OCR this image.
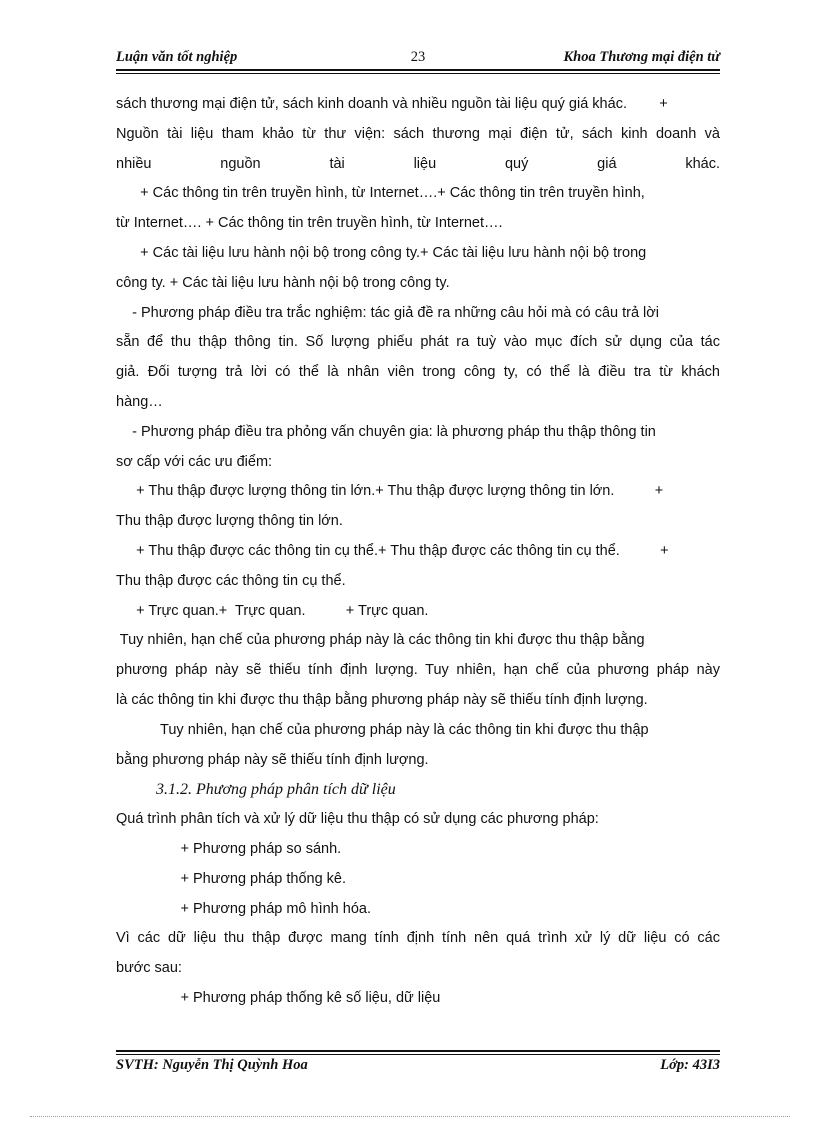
Luận văn tốt nghiệp	23	Khoa Thương mại điện tử
sách thương mại điện tử, sách kinh doanh và nhiều nguồn tài liệu quý giá khác.        +
Nguồn tài liệu tham khảo từ thư viện: sách thương mại điện tử, sách kinh doanh và
nhiều nguồn tài liệu quý giá khác.
+ Các thông tin trên truyền hình, từ Internet….+ Các thông tin trên truyền hình,
từ Internet…. + Các thông tin trên truyền hình, từ Internet….
+ Các tài liệu lưu hành nội bộ trong công ty.+ Các tài liệu lưu hành nội bộ trong
công ty. + Các tài liệu lưu hành nội bộ trong công ty.
- Phương pháp điều tra trắc nghiệm: tác giả đề ra những câu hỏi mà có câu trả lời
sẵn để thu thập thông tin. Số lượng phiếu phát ra tuỳ vào mục đích sử dụng của tác
giả. Đối tượng trả lời có thể là nhân viên trong công ty, có thể là điều tra từ khách
hàng…
- Phương pháp điều tra phỏng vấn chuyên gia: là phương pháp thu thập thông tin
sơ cấp với các ưu điểm:
+ Thu thập được lượng thông tin lớn.+ Thu thập được lượng thông tin lớn.          +
Thu thập được lượng thông tin lớn.
+ Thu thập được các thông tin cụ thể.+ Thu thập được các thông tin cụ thể.          +
Thu thập được các thông tin cụ thể.
+ Trực quan.+  Trực quan.          + Trực quan.
Tuy nhiên, hạn chế của phương pháp này là các thông tin khi được thu thập bằng
phương pháp này sẽ thiếu tính định lượng. Tuy nhiên, hạn chế của phương pháp này
là các thông tin khi được thu thập bằng phương pháp này sẽ thiếu tính định lượng.
Tuy nhiên, hạn chế của phương pháp này là các thông tin khi được thu thập
bằng phương pháp này sẽ thiếu tính định lượng.
3.1.2. Phương pháp phân tích dữ liệu
Quá trình phân tích và xử lý dữ liệu thu thập có sử dụng các phương pháp:
+ Phương pháp so sánh.
+ Phương pháp thống kê.
+ Phương pháp mô hình hóa.
Vì các dữ liệu thu thập được mang tính định tính nên quá trình xử lý dữ liệu có các
bước sau:
+ Phương pháp thống kê số liệu, dữ liệu
SVTH: Nguyễn Thị Quỳnh Hoa	Lớp: 43I3
